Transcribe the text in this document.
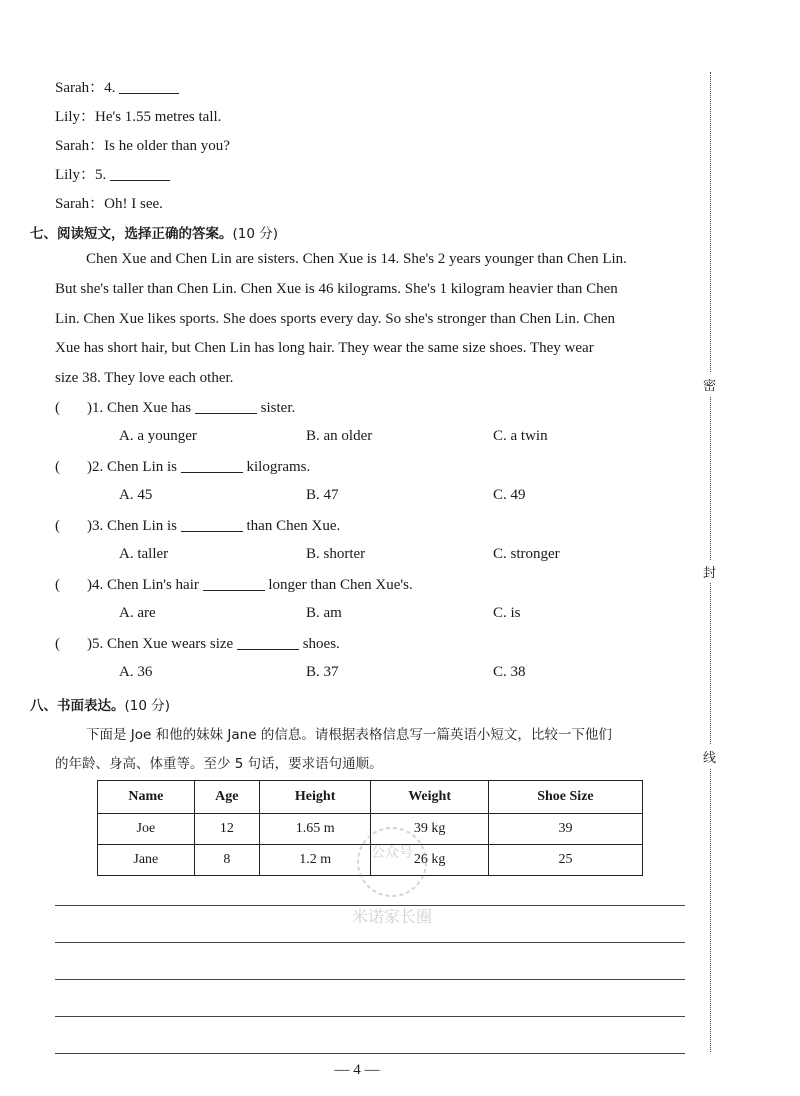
Sarah：4.
Lily：He's 1.55 metres tall.
Sarah：Is he older than you?
Lily：5.
Sarah：Oh! I see.
七、阅读短文，选择正确的答案。(10 分)
Chen Xue and Chen Lin are sisters. Chen Xue is 14. She's 2 years younger than Chen Lin.
But she's taller than Chen Lin. Chen Xue is 46 kilograms. She's 1 kilogram heavier than Chen
Lin. Chen Xue likes sports. She does sports every day. So she's stronger than Chen Lin. Chen
Xue has short hair, but Chen Lin has long hair. They wear the same size shoes. They wear
size 38. They love each other.
( )1. Chen Xue has	sister.
A. a younger	B. an older	C. a twin
( )2. Chen Lin is	kilograms.
A. 45	B. 47	C. 49
( )3. Chen Lin is	than Chen Xue.
A. taller	B. shorter	C. stronger
( )4. Chen Lin's hair	longer than Chen Xue's.
A. are	B. am	C. is
( )5. Chen Xue wears size	shoes.
A. 36	B. 37	C. 38
八、书面表达。(10 分)
下面是 Joe 和他的妹妹 Jane 的信息。请根据表格信息写一篇英语小短文，比较一下他们
的年龄、身高、体重等。至少 5 句话，要求语句通顺。
Name	Age	Height	Weight	Shoe Size
Joe	12	1.65 m	39 kg	39
Jane	8	1.2 m	26 kg	25
公众号
米诺家长圈
密
封
线
— 4 —
